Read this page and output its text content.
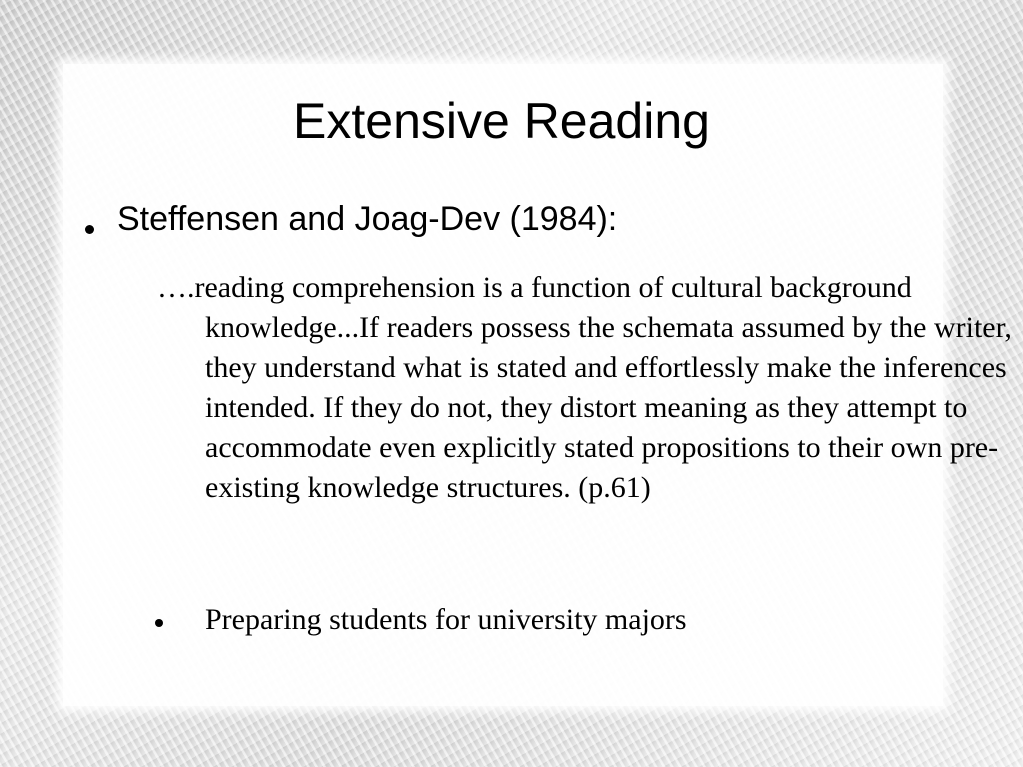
Extensive Reading
Steffensen and Joag-Dev (1984):

….reading comprehension is a function of cultural background knowledge...If readers possess the schemata assumed by the writer, they understand what is stated and effortlessly make the inferences intended. If they do not, they distort meaning as they attempt to accommodate even explicitly stated propositions to their own pre-existing knowledge structures. (p.61)

Preparing students for university majors
